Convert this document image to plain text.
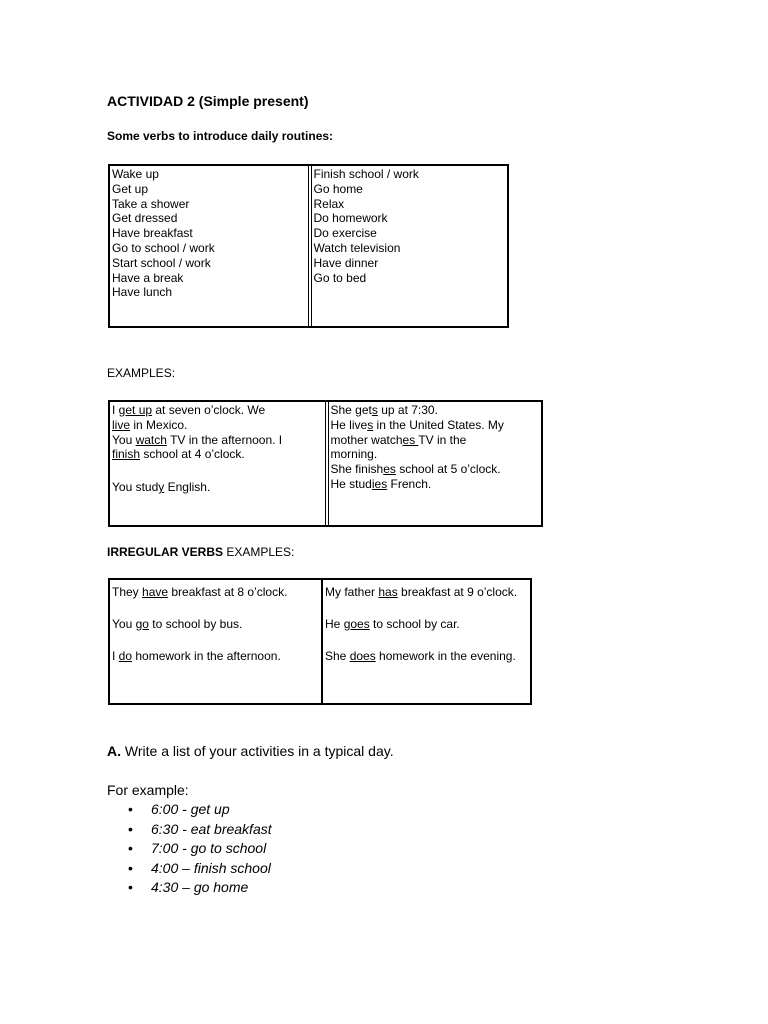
ACTIVIDAD 2 (Simple present)
Some verbs to introduce daily routines:
Wake up
Get up
Take a shower
Get dressed
Have breakfast
Go to school / work
Start school / work
Have a break
Have lunch
Finish school / work
Go home
Relax
Do homework
Do exercise
Watch television
Have dinner
Go to bed
EXAMPLES:
I get up at seven o’clock. We
live in Mexico.
You watch TV in the afternoon. I
finish school at 4 o’clock.
You study English.
She gets up at 7:30.
He lives in the United States. My
mother watches TV in the
morning.
She finishes school at 5 o’clock.
He studies French.
IRREGULAR VERBS EXAMPLES:
They have breakfast at 8 o’clock.
You go to school by bus.
I do homework in the afternoon.
My father has breakfast at 9 o’clock.
He goes to school by car.
She does homework in the evening.
A. Write a list of your activities in a typical day.
For example:
• 6:00 - get up
• 6:30 - eat breakfast
• 7:00 - go to school
• 4:00 – finish school
• 4:30 – go home
